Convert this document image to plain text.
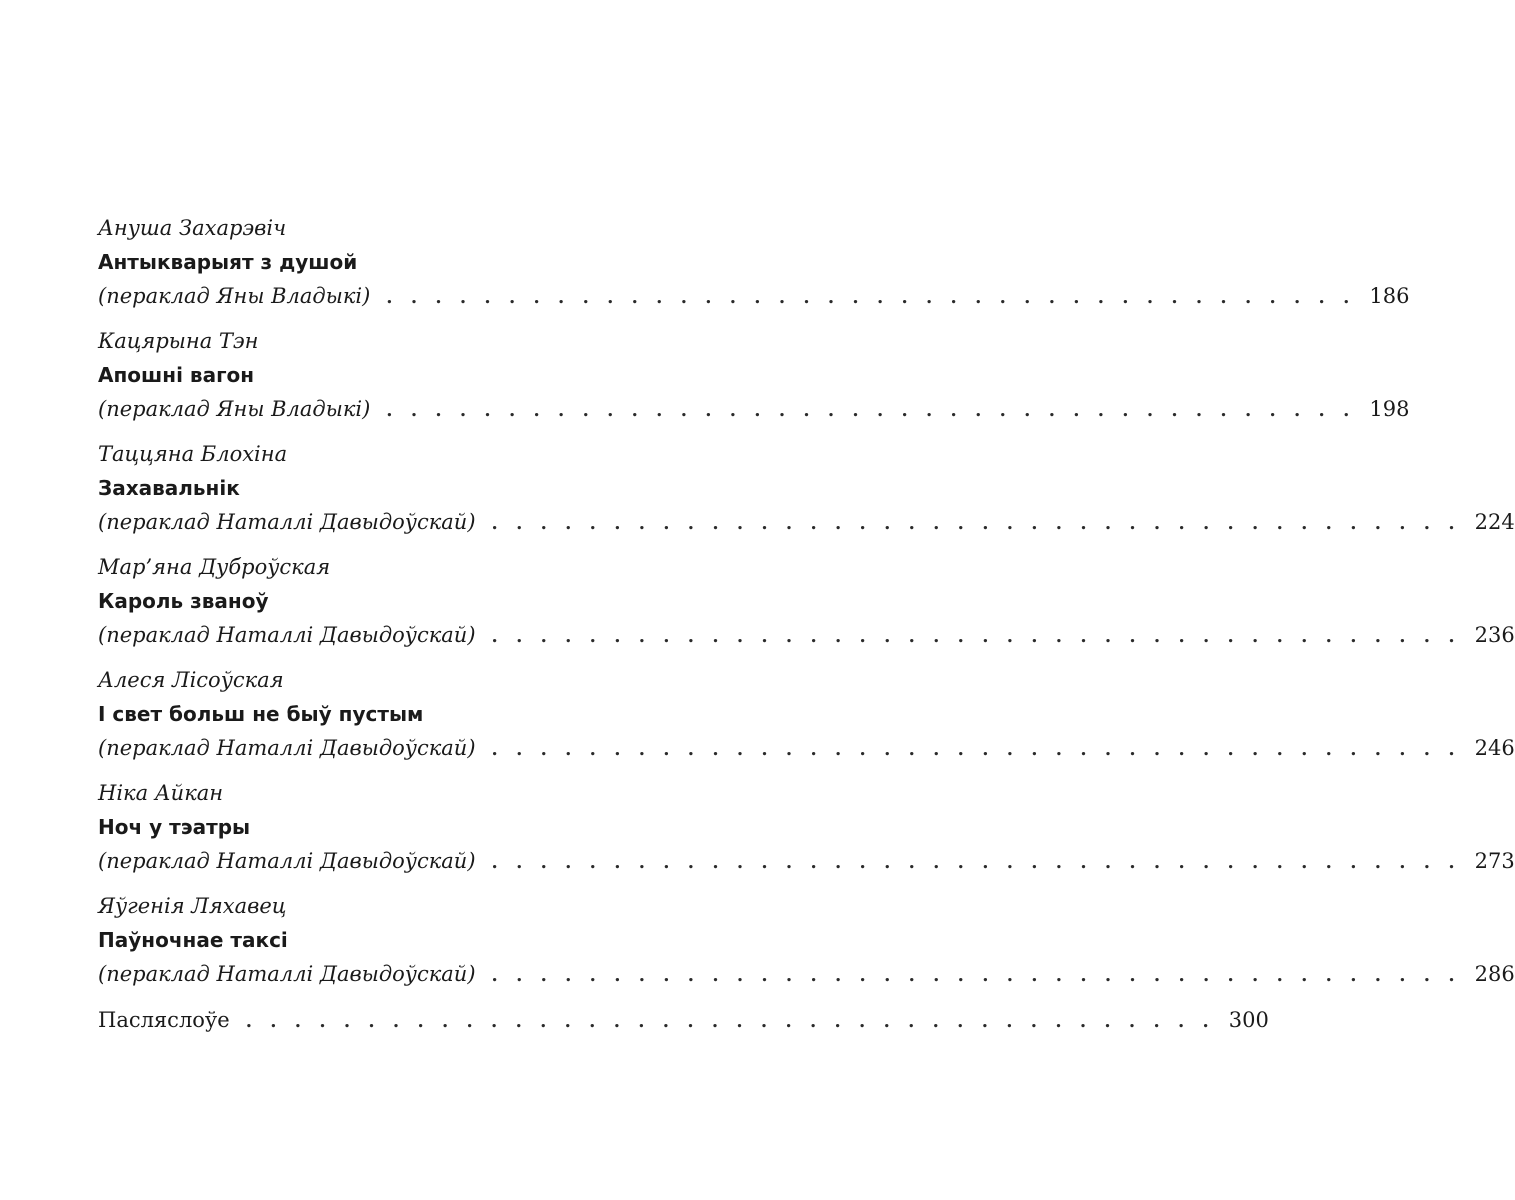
Ануша Захарэвіч
Антыкварыят з душой
(пераклад Яны Владыкі) . . . . . . . . . . . . . . . . . . . . . . . . . . . . . . . . . . . . . . . . 186
Кацярына Тэн
Апошні вагон
(пераклад Яны Владыкі) . . . . . . . . . . . . . . . . . . . . . . . . . . . . . . . . . . . . . . . . 198
Таццяна Блохіна
Захавальнік
(пераклад Наталлі Давыдоўскай) . . . . . . . . . . . . . . . . . . . . . . . . . . . . . . . . . . . . . . . . 224
Мар’яна Дуброўская
Кароль званоў
(пераклад Наталлі Давыдоўскай) . . . . . . . . . . . . . . . . . . . . . . . . . . . . . . . . . . . . . . . . 236
Алеся Лісоўская
І свет больш не быў пустым
(пераклад Наталлі Давыдоўскай) . . . . . . . . . . . . . . . . . . . . . . . . . . . . . . . . . . . . . . . . 246
Ніка Айкан
Ноч у тэатры
(пераклад Наталлі Давыдоўскай) . . . . . . . . . . . . . . . . . . . . . . . . . . . . . . . . . . . . . . . . 273
Яўгенія Ляхавец
Паўночнае таксі
(пераклад Наталлі Давыдоўскай) . . . . . . . . . . . . . . . . . . . . . . . . . . . . . . . . . . . . . . . . 286
Пасляслоўе . . . . . . . . . . . . . . . . . . . . . . . . . . . . . . . . . . . . . . . . 300
